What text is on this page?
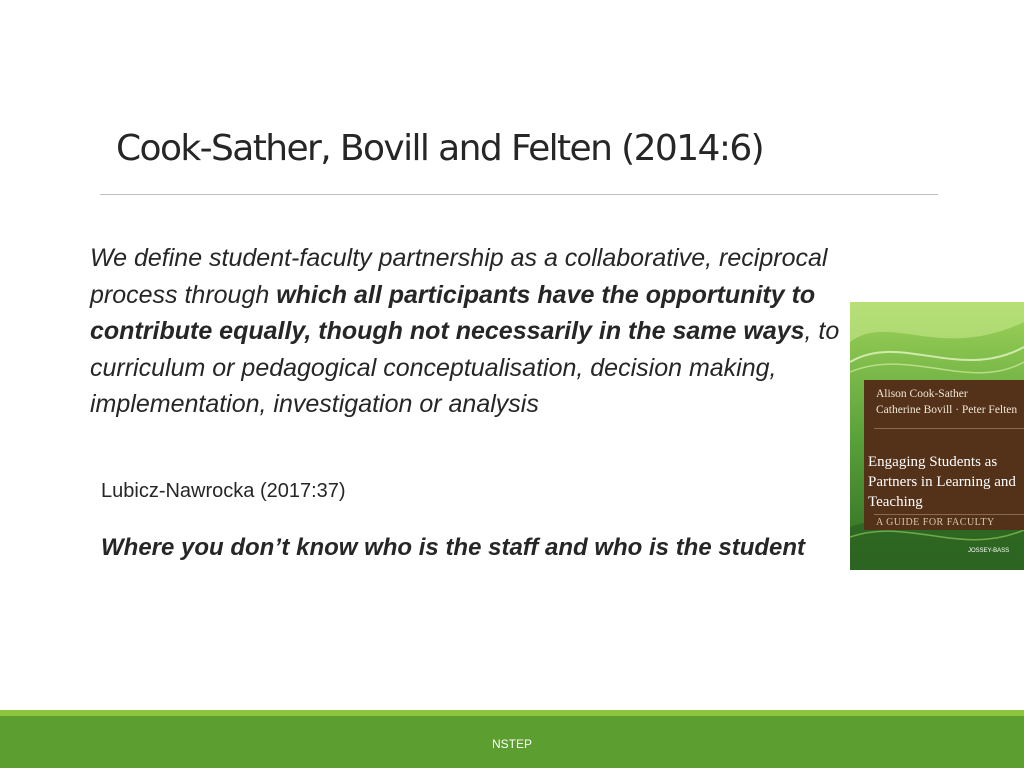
Cook-Sather, Bovill and Felten (2014:6)
We define student-faculty partnership as a collaborative, reciprocal process through which all participants have the opportunity to contribute equally, though not necessarily in the same ways, to curriculum or pedagogical conceptualisation, decision making, implementation, investigation or analysis
Lubicz-Nawrocka (2017:37)
Where you don’t know who is the staff and who is the student
Alison Cook-Sather
Catherine Bovill · Peter Felten
Engaging Students as Partners in Learning and Teaching
A GUIDE FOR FACULTY
JOSSEY-BASS
NSTEP
